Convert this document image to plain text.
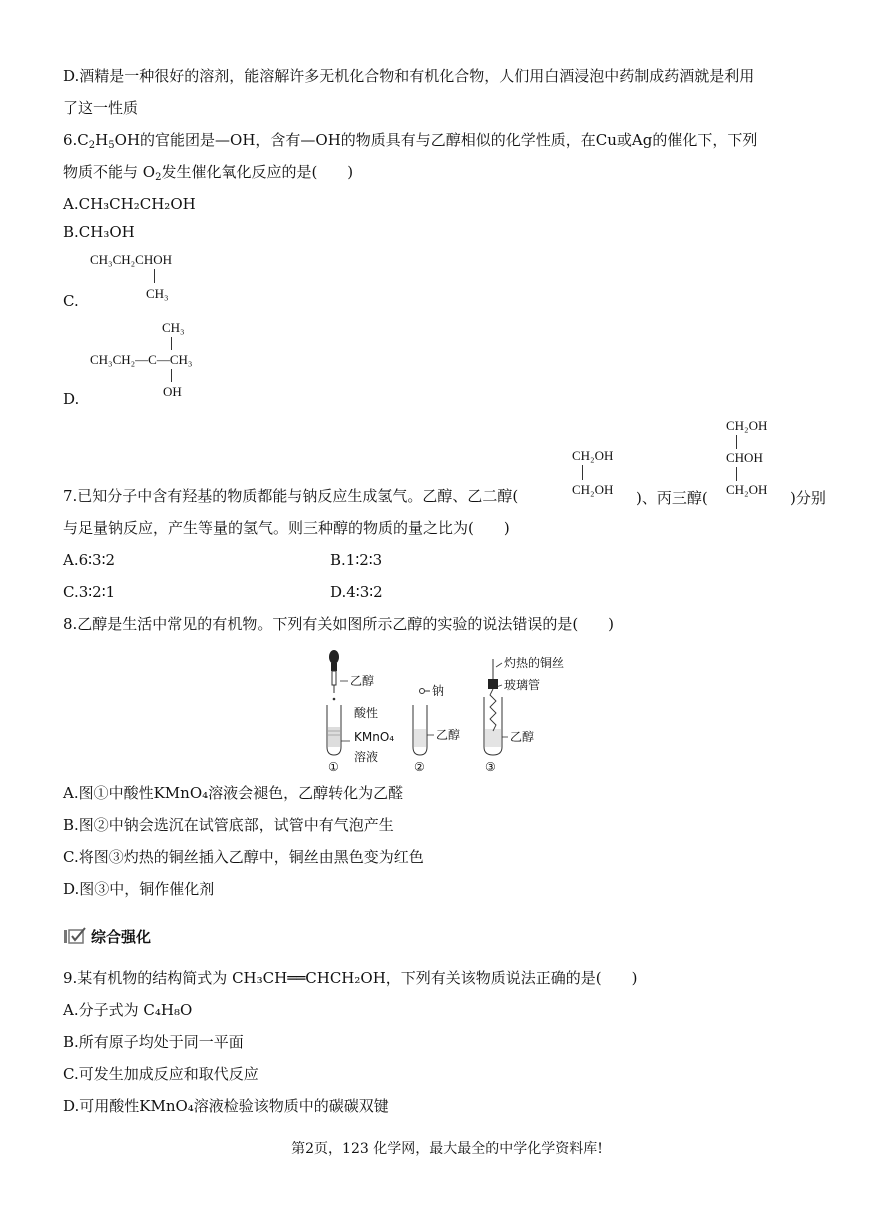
D.酒精是一种很好的溶剂，能溶解许多无机化合物和有机化合物，人们用白酒浸泡中药制成药酒就是利用
了这一性质
$6.C_2H_5OH$的官能团是—OH，含有—OH的物质具有与乙醇相似的化学性质，在Cu或Ag的催化下，下列
物质不能与 $O_2$发生催化氧化反应的是(　　)
A.CH₃CH₂CH₂OH
B.CH₃OH
CH₃CH₂CHOH
CH₃
C.
CH₃
CH₃CH₂—C—CH₃
OH
D.
7.已知分子中含有羟基的物质都能与钠反应生成氢气。乙醇、乙二醇(
CH₂OH
CH₂OH )、丙三醇(
CH₂OH
CHOH
CH₂OH )分别
与足量钠反应，产生等量的氢气。则三种醇的物质的量之比为(　　)
A.6∶3∶2	B.1∶2∶3
C.3∶2∶1	D.4∶3∶2
8.乙醇是生活中常见的有机物。下列有关如图所示乙醇的实验的说法错误的是(　　)
乙醇
酸性
KMnO₄
溶液
①
钠
乙醇
②
灼热的铜丝
玻璃管
乙醇
③
A.图①中酸性KMnO₄溶液会褪色，乙醇转化为乙醛
B.图②中钠会选沉在试管底部，试管中有气泡产生
C.将图③灼热的铜丝插入乙醇中，铜丝由黑色变为红色
D.图③中，铜作催化剂
综合强化
9.某有机物的结构简式为 CH₃CH══CHCH₂OH，下列有关该物质说法正确的是(　　)
A.分子式为 C₄H₈O
B.所有原子均处于同一平面
C.可发生加成反应和取代反应
D.可用酸性KMnO₄溶液检验该物质中的碳碳双键
第2页，123 化学网，最大最全的中学化学资料库!
